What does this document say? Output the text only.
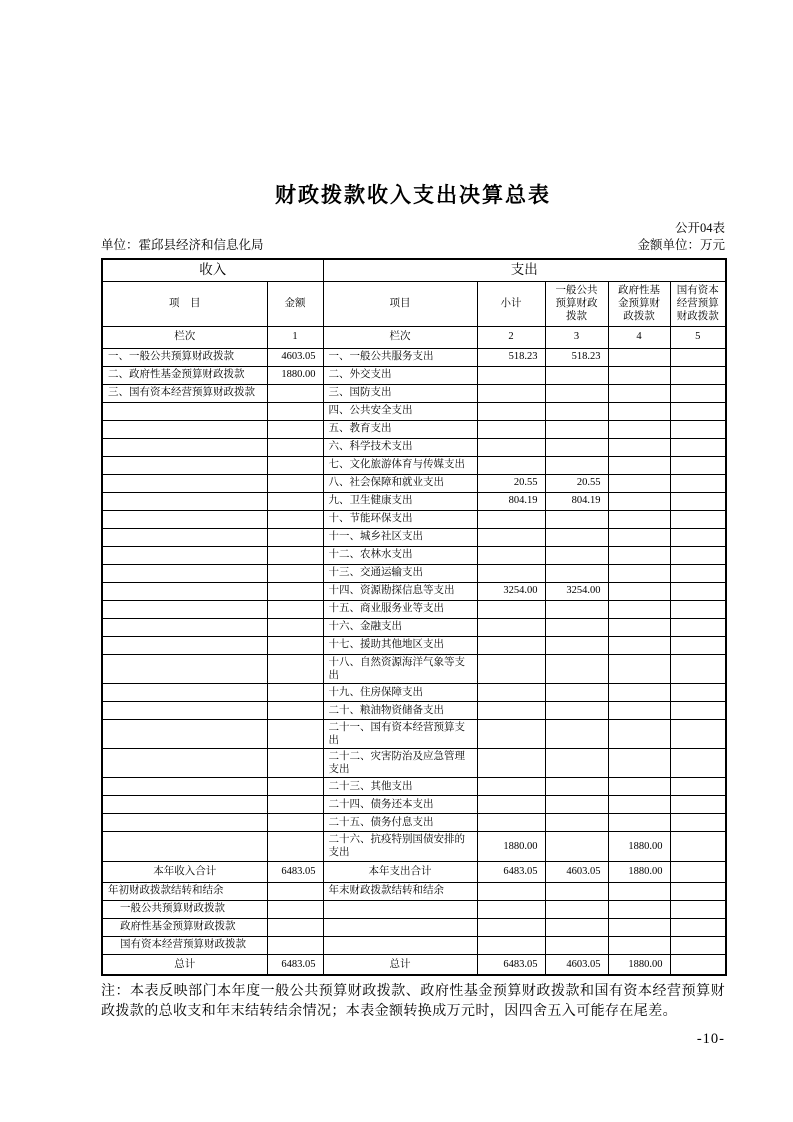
财政拨款收入支出决算总表
公开04表
单位：霍邱县经济和信息化局	金额单位：万元
收入		支出				
项　目	金额	项目	小计	一般公共预算财政拨款	政府性基金预算财政拨款	国有资本经营预算财政拨款
栏次	1	栏次	2	3	4	5
一、一般公共预算财政拨款	4603.05	一、一般公共服务支出	518.23	518.23		
二、政府性基金预算财政拨款	1880.00	二、外交支出				
三、国有资本经营预算财政拨款		三、国防支出				
		四、公共安全支出				
		五、教育支出				
		六、科学技术支出				
		七、文化旅游体育与传媒支出				
		八、社会保障和就业支出	20.55	20.55		
		九、卫生健康支出	804.19	804.19		
		十、节能环保支出				
		十一、城乡社区支出				
		十二、农林水支出				
		十三、交通运输支出				
		十四、资源勘探信息等支出	3254.00	3254.00		
		十五、商业服务业等支出				
		十六、金融支出				
		十七、援助其他地区支出				
		十八、自然资源海洋气象等支出				
		十九、住房保障支出				
		二十、粮油物资储备支出				
		二十一、国有资本经营预算支出				
		二十二、灾害防治及应急管理支出				
		二十三、其他支出				
		二十四、债务还本支出				
		二十五、债务付息支出				
		二十六、抗疫特别国债安排的支出	1880.00		1880.00	
本年收入合计	6483.05	本年支出合计	6483.05	4603.05	1880.00	
年初财政拨款结转和结余		年末财政拨款结转和结余				
一般公共预算财政拨款						
政府性基金预算财政拨款						
国有资本经营预算财政拨款						
总计	6483.05	总计	6483.05	4603.05	1880.00	
注：本表反映部门本年度一般公共预算财政拨款、政府性基金预算财政拨款和国有资本经营预算财政拨款的总收支和年末结转结余情况；本表金额转换成万元时，因四舍五入可能存在尾差。
-10-
